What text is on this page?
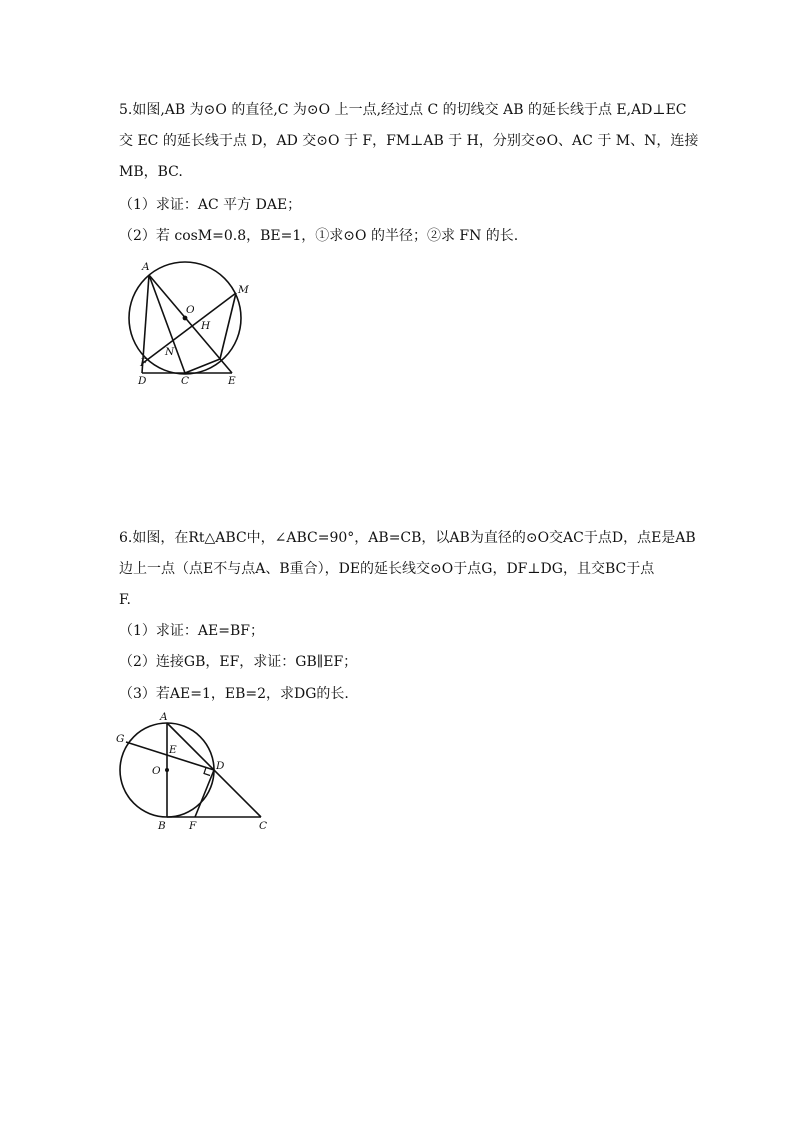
5.如图,AB 为⊙O 的直径,C 为⊙O 上一点,经过点 C 的切线交 AB 的延长线于点 E,AD⊥EC
交 EC 的延长线于点 D，AD 交⊙O 于 F，FM⊥AB 于 H，分别交⊙O、AC 于 M、N，连接
MB，BC.
（1）求证：AC 平方 DAE；
（2）若 cosM=0.8，BE=1，①求⊙O 的半径；②求 FN 的长.
A
M
O
H
N
F
D	C	E
6.如图，在Rt△ABC中，∠ABC=90°，AB=CB，以AB为直径的⊙O交AC于点D，点E是AB
边上一点（点E不与点A、B重合），DE的延长线交⊙O于点G，DF⊥DG，且交BC于点
F.
（1）求证：AE=BF；
（2）连接GB，EF，求证：GB∥EF；
（3）若AE=1，EB=2，求DG的长.
A
G
E
O	D
B F	C
